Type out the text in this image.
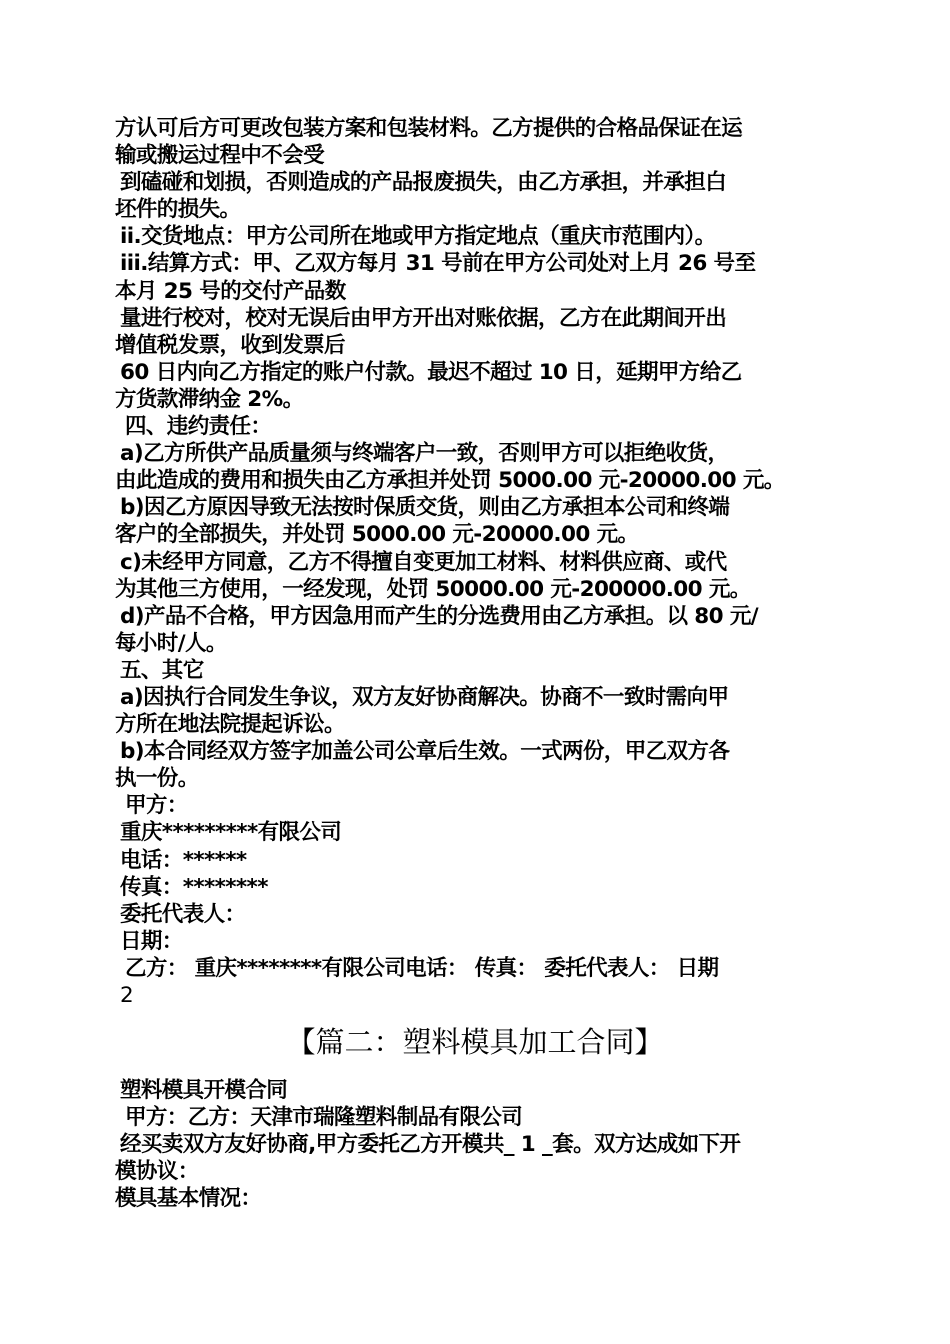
方认可后方可更改包装方案和包装材料。乙方提供的合格品保证在运
输或搬运过程中不会受
到磕碰和划损，否则造成的产品报废损失，由乙方承担，并承担白
坯件的损失。
ii.交货地点：甲方公司所在地或甲方指定地点（重庆市范围内）。
iii.结算方式：甲、乙双方每月 31 号前在甲方公司处对上月 26 号至
本月 25 号的交付产品数
量进行校对，校对无误后由甲方开出对账依据，乙方在此期间开出
增值税发票，收到发票后
60 日内向乙方指定的账户付款。最迟不超过 10 日，延期甲方给乙
方货款滞纳金 2%。
四、违约责任：
a)乙方所供产品质量须与终端客户一致，否则甲方可以拒绝收货，
由此造成的费用和损失由乙方承担并处罚 5000.00 元-20000.00 元。
b)因乙方原因导致无法按时保质交货，则由乙方承担本公司和终端
客户的全部损失，并处罚 5000.00 元-20000.00 元。
c)未经甲方同意，乙方不得擅自变更加工材料、材料供应商、或代
为其他三方使用，一经发现，处罚 50000.00 元-200000.00 元。
d)产品不合格，甲方因急用而产生的分选费用由乙方承担。以 80 元/
每小时/人。
五、其它
a)因执行合同发生争议，双方友好协商解决。协商不一致时需向甲
方所在地法院提起诉讼。
b)本合同经双方签字加盖公司公章后生效。一式两份，甲乙双方各
执一份。
甲方：
重庆*********有限公司
电话：******
传真：********
委托代表人：
日期：
乙方： 重庆********有限公司电话： 传真： 委托代表人： 日期
2
【篇二：塑料模具加工合同】
塑料模具开模合同
甲方：乙方：天津市瑞隆塑料制品有限公司
经买卖双方友好协商,甲方委托乙方开模共_ 1 _套。双方达成如下开
模协议：
模具基本情况：
